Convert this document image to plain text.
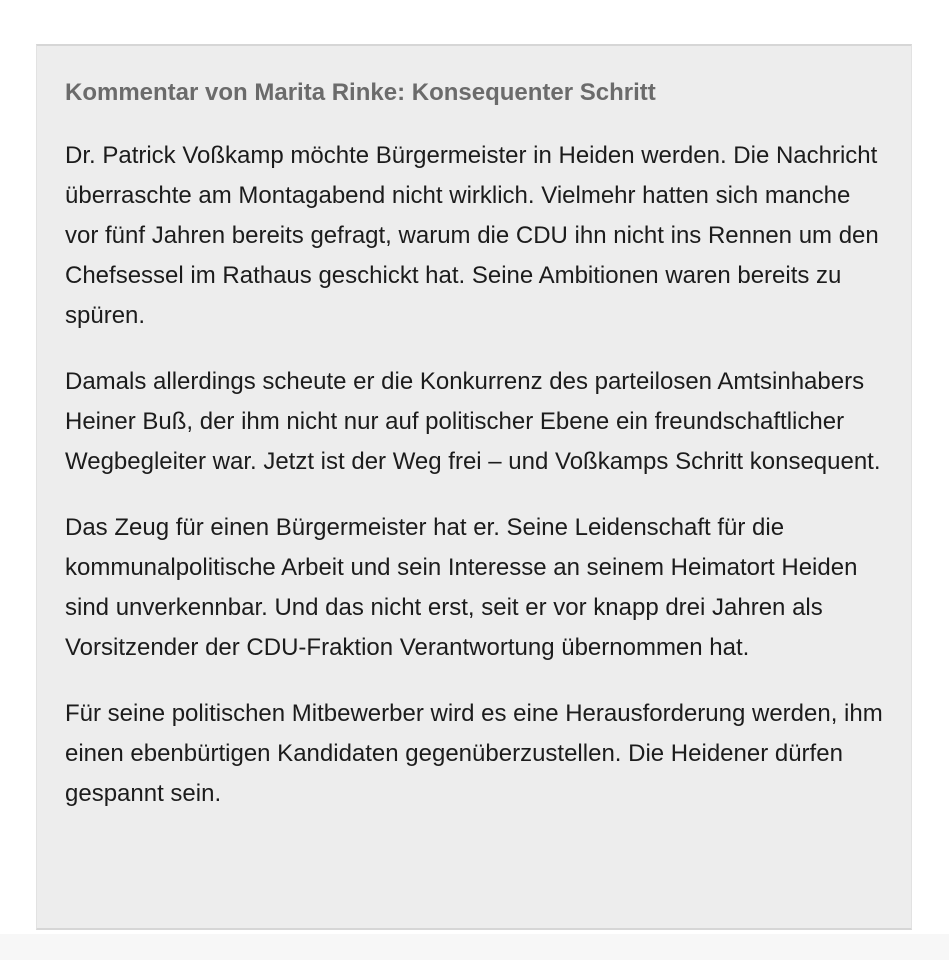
Kommentar von Marita Rinke: Konsequenter Schritt

Dr. Patrick Voßkamp möchte Bürgermeister in Heiden werden. Die Nachricht überraschte am Montagabend nicht wirklich. Vielmehr hatten sich manche vor fünf Jahren bereits gefragt, warum die CDU ihn nicht ins Rennen um den Chefsessel im Rathaus geschickt hat. Seine Ambitionen waren bereits zu spüren.

Damals allerdings scheute er die Konkurrenz des parteilosen Amtsinhabers Heiner Buß, der ihm nicht nur auf politischer Ebene ein freundschaftlicher Wegbegleiter war. Jetzt ist der Weg frei – und Voßkamps Schritt konsequent.

Das Zeug für einen Bürgermeister hat er. Seine Leidenschaft für die kommunalpolitische Arbeit und sein Interesse an seinem Heimatort Heiden sind unverkennbar. Und das nicht erst, seit er vor knapp drei Jahren als Vorsitzender der CDU-Fraktion Verantwortung übernommen hat.

Für seine politischen Mitbewerber wird es eine Herausforderung werden, ihm einen ebenbürtigen Kandidaten gegenüberzustellen. Die Heidener dürfen gespannt sein.
